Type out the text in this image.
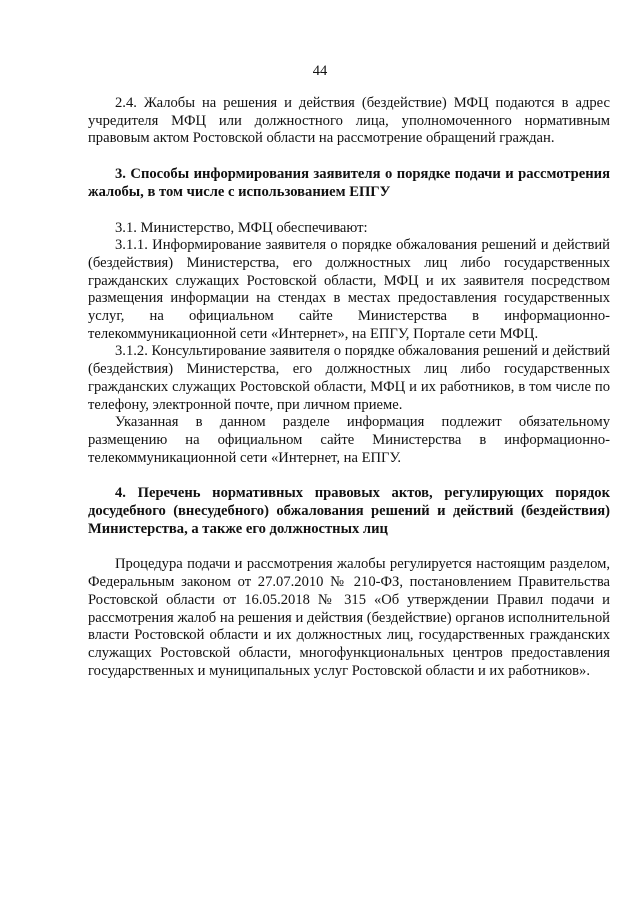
44

2.4. Жалобы на решения и действия (бездействие) МФЦ подаются в адрес учредителя МФЦ или должностного лица, уполномоченного нормативным правовым актом Ростовской области на рассмотрение обращений граждан.

3. Способы информирования заявителя о порядке подачи и рассмотрения жалобы, в том числе с использованием ЕПГУ

3.1. Министерство, МФЦ обеспечивают:

3.1.1. Информирование заявителя о порядке обжалования решений и действий (бездействия) Министерства, его должностных лиц либо государственных гражданских служащих Ростовской области, МФЦ и их заявителя посредством размещения информации на стендах в местах предоставления государственных услуг, на официальном сайте Министерства в информационно-телекоммуникационной сети «Интернет», на ЕПГУ, Портале сети МФЦ.

3.1.2. Консультирование заявителя о порядке обжалования решений и действий (бездействия) Министерства, его должностных лиц либо государственных гражданских служащих Ростовской области, МФЦ и их работников, в том числе по телефону, электронной почте, при личном приеме.

Указанная в данном разделе информация подлежит обязательному размещению на официальном сайте Министерства в информационно-телекоммуникационной сети «Интернет, на ЕПГУ.

4. Перечень нормативных правовых актов, регулирующих порядок досудебного (внесудебного) обжалования решений и действий (бездействия) Министерства, а также его должностных лиц

Процедура подачи и рассмотрения жалобы регулируется настоящим разделом, Федеральным законом от 27.07.2010 № 210-ФЗ, постановлением Правительства Ростовской области от 16.05.2018 № 315 «Об утверждении Правил подачи и рассмотрения жалоб на решения и действия (бездействие) органов исполнительной власти Ростовской области и их должностных лиц, государственных гражданских служащих Ростовской области, многофункциональных центров предоставления государственных и муниципальных услуг Ростовской области и их работников».
